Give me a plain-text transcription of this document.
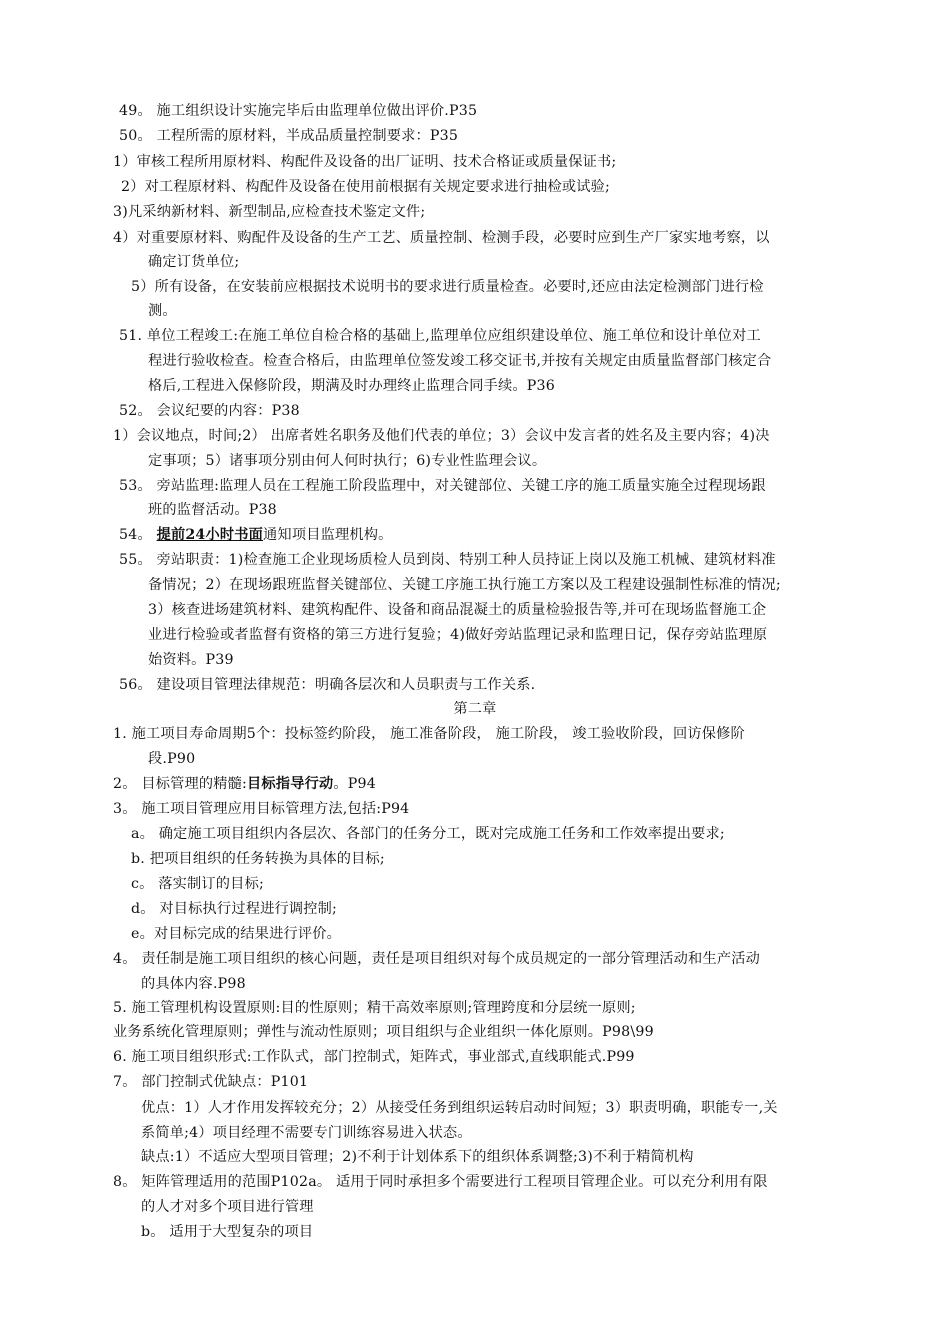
49。 施工组织设计实施完毕后由监理单位做出评价.P35
50。 工程所需的原材料，半成品质量控制要求：P35
1）审核工程所用原材料、构配件及设备的出厂证明、技术合格证或质量保证书;
2）对工程原材料、构配件及设备在使用前根据有关规定要求进行抽检或试验;
3)凡采纳新材料、新型制品,应检查技术鉴定文件;
4）对重要原材料、购配件及设备的生产工艺、质量控制、检测手段，必要时应到生产厂家实地考察，以
确定订货单位;
5）所有设备，在安装前应根据技术说明书的要求进行质量检查。必要时,还应由法定检测部门进行检
测。
51. 单位工程竣工:在施工单位自检合格的基础上,监理单位应组织建设单位、施工单位和设计单位对工
程进行验收检查。检查合格后，由监理单位签发竣工移交证书,并按有关规定由质量监督部门核定合
格后,工程进入保修阶段，期满及时办理终止监理合同手续。P36
52。 会议纪要的内容：P38
1）会议地点，时间;2） 出席者姓名职务及他们代表的单位；3）会议中发言者的姓名及主要内容；4)决
定事项；5）诸事项分别由何人何时执行；6)专业性监理会议。
53。 旁站监理:监理人员在工程施工阶段监理中，对关键部位、关键工序的施工质量实施全过程现场跟
班的监督活动。P38
54。 提前24小时书面通知项目监理机构。
55。 旁站职责：1)检查施工企业现场质检人员到岗、特别工种人员持证上岗以及施工机械、建筑材料准
备情况；2）在现场跟班监督关键部位、关键工序施工执行施工方案以及工程建设强制性标准的情况;
3）核查进场建筑材料、建筑构配件、设备和商品混凝土的质量检验报告等,并可在现场监督施工企
业进行检验或者监督有资格的第三方进行复验；4)做好旁站监理记录和监理日记，保存旁站监理原
始资料。P39
56。 建设项目管理法律规范：明确各层次和人员职责与工作关系.
第二章
1. 施工项目寿命周期5个：投标签约阶段， 施工准备阶段， 施工阶段， 竣工验收阶段，回访保修阶
段.P90
2。 目标管理的精髓:目标指导行动。P94
3。 施工项目管理应用目标管理方法,包括:P94
a。 确定施工项目组织内各层次、各部门的任务分工，既对完成施工任务和工作效率提出要求;
b. 把项目组织的任务转换为具体的目标;
c。 落实制订的目标;
d。 对目标执行过程进行调控制;
e。对目标完成的结果进行评价。
4。 责任制是施工项目组织的核心问题，责任是项目组织对每个成员规定的一部分管理活动和生产活动
的具体内容.P98
5. 施工管理机构设置原则:目的性原则；精干高效率原则;管理跨度和分层统一原则;
业务系统化管理原则；弹性与流动性原则；项目组织与企业组织一体化原则。P98\99
6. 施工项目组织形式:工作队式，部门控制式，矩阵式，事业部式,直线职能式.P99
7。 部门控制式优缺点：P101
优点：1）人才作用发挥较充分；2）从接受任务到组织运转启动时间短；3）职责明确，职能专一,关
系简单;4）项目经理不需要专门训练容易进入状态。
缺点:1）不适应大型项目管理；2)不利于计划体系下的组织体系调整;3)不利于精简机构
8。 矩阵管理适用的范围P102a。 适用于同时承担多个需要进行工程项目管理企业。可以充分利用有限
的人才对多个项目进行管理
b。 适用于大型复杂的项目
